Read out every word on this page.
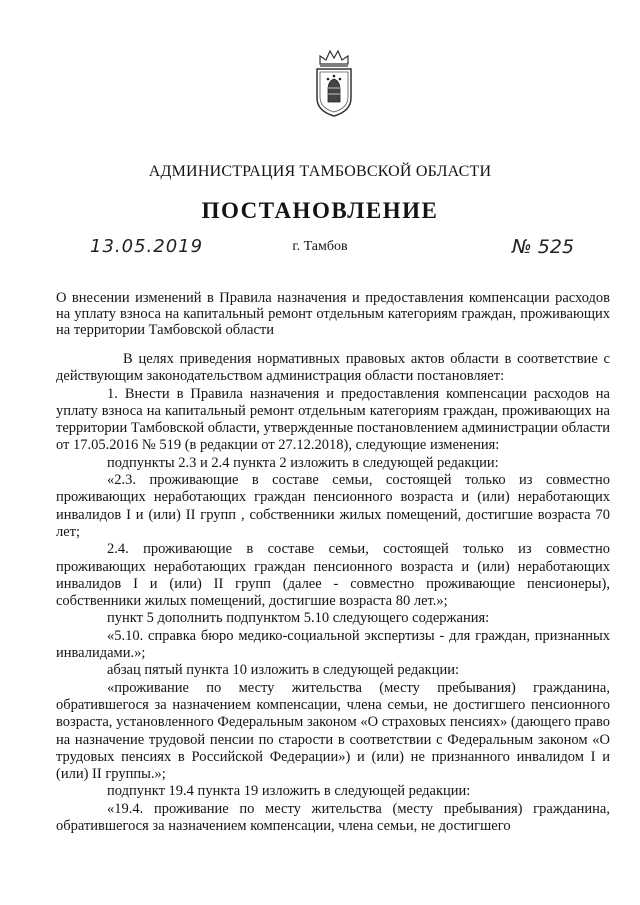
АДМИНИСТРАЦИЯ ТАМБОВСКОЙ ОБЛАСТИ
ПОСТАНОВЛЕНИЕ
13.05.2019	г. Тамбов	№ 525
О внесении изменений в Правила назначения и предоставления компенсации расходов на уплату взноса на капитальный ремонт отдельным категориям граждан, проживающих на территории Тамбовской области

В целях приведения нормативных правовых актов области в соответствие с действующим законодательством администрация области постановляет:

1. Внести в Правила назначения и предоставления компенсации расходов на уплату взноса на капитальный ремонт отдельным категориям граждан, проживающих на территории Тамбовской области, утвержденные постановлением администрации области от 17.05.2016 № 519 (в редакции от 27.12.2018), следующие изменения:

подпункты 2.3 и 2.4 пункта 2 изложить в следующей редакции:

«2.3. проживающие в составе семьи, состоящей только из совместно проживающих неработающих граждан пенсионного возраста и (или) неработающих инвалидов I и (или) II групп , собственники жилых помещений, достигшие возраста 70 лет;

2.4. проживающие в составе семьи, состоящей только из совместно проживающих неработающих граждан пенсионного возраста и (или) неработающих инвалидов I и (или) II групп (далее - совместно проживающие пенсионеры), собственники жилых помещений, достигшие возраста 80 лет.»;

пункт 5 дополнить подпунктом 5.10 следующего содержания:

«5.10. справка бюро медико-социальной экспертизы - для граждан, признанных инвалидами.»;

абзац пятый пункта 10 изложить в следующей редакции:

«проживание по месту жительства (месту пребывания) гражданина, обратившегося за назначением компенсации, члена семьи, не достигшего пенсионного возраста, установленного Федеральным законом «О страховых пенсиях» (дающего право на назначение трудовой пенсии по старости в соответствии с Федеральным законом «О трудовых пенсиях в Российской Федерации») и (или) не признанного инвалидом I и (или) II группы.»;

подпункт 19.4 пункта 19 изложить в следующей редакции:

«19.4. проживание по месту жительства (месту пребывания) гражданина, обратившегося за назначением компенсации, члена семьи, не достигшего
